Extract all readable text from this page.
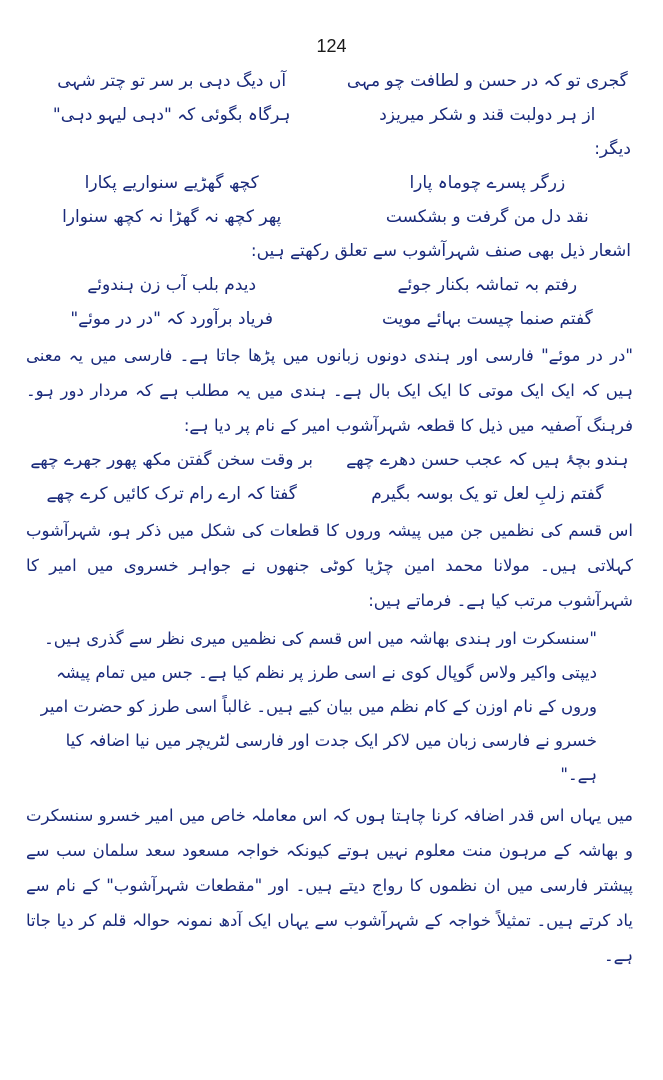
124
گجری تو کہ در حسن و لطافت چو مہی
آں دیگ دہی بر سر تو چتر شہی
از ہر دولبت قند و شکر میریزد
ہرگاہ بگوئی کہ "دہی لیہو دہی"
دیگر:
زرگر پسرے چوماہ پارا
کچھ گھڑیے سنواریے پکارا
نقد دل من گرفت و بشکست
پھر کچھ نہ گھڑا نہ کچھ سنوارا
اشعار ذیل بھی صنف شہرآشوب سے تعلق رکھتے ہیں:
رفتم بہ تماشہ بکنار جوئے
دیدم بلب آب زن ہندوئے
گفتم صنما چیست بہائے مویت
فریاد برآورد کہ "در در موئے"

"در در موئے" فارسی اور ہندی دونوں زبانوں میں پڑھا جاتا ہے۔ فارسی میں یہ معنی ہیں کہ ایک ایک موتی کا ایک ایک بال ہے۔ ہندی میں یہ مطلب ہے کہ مردار دور ہو۔ فرہنگ آصفیہ میں ذیل کا قطعہ شہرآشوب امیر کے نام پر دیا ہے:

ہندو بچۂ ہیں کہ عجب حسن دھرے چھے
بر وقت سخن گفتن مکھ پھور جھرے چھے
گفتم زلبِ لعل تو یک بوسہ بگیرم
گفتا کہ ارے رام ترک کائیں کرے چھے

اس قسم کی نظمیں جن میں پیشہ وروں کا قطعات کی شکل میں ذکر ہو، شہرآشوب کہلاتی ہیں۔ مولانا محمد امین چڑیا کوٹی جنھوں نے جواہر خسروی میں امیر کا شہرآشوب مرتب کیا ہے۔ فرماتے ہیں:

"سنسکرت اور ہندی بھاشہ میں اس قسم کی نظمیں میری نظر سے گذری ہیں۔ دیپتی واکیر ولاس گوپال کوی نے اسی طرز پر نظم کیا ہے۔ جس میں تمام پیشہ وروں کے نام اوزن کے کام نظم میں بیان کیے ہیں۔ غالباً اسی طرز کو حضرت امیر خسرو نے فارسی زبان میں لاکر ایک جدت اور فارسی لٹریچر میں نیا اضافہ کیا ہے۔"

میں یہاں اس قدر اضافہ کرنا چاہتا ہوں کہ اس معاملہ خاص میں امیر خسرو سنسکرت و بھاشہ کے مرہون منت معلوم نہیں ہوتے کیونکہ خواجہ مسعود سعد سلمان سب سے پیشتر فارسی میں ان نظموں کا رواج دیتے ہیں۔ اور "مقطعات شہرآشوب" کے نام سے یاد کرتے ہیں۔ تمثیلاً خواجہ کے شہرآشوب سے یہاں ایک آدھ نمونہ حوالہ قلم کر دیا جاتا ہے۔
